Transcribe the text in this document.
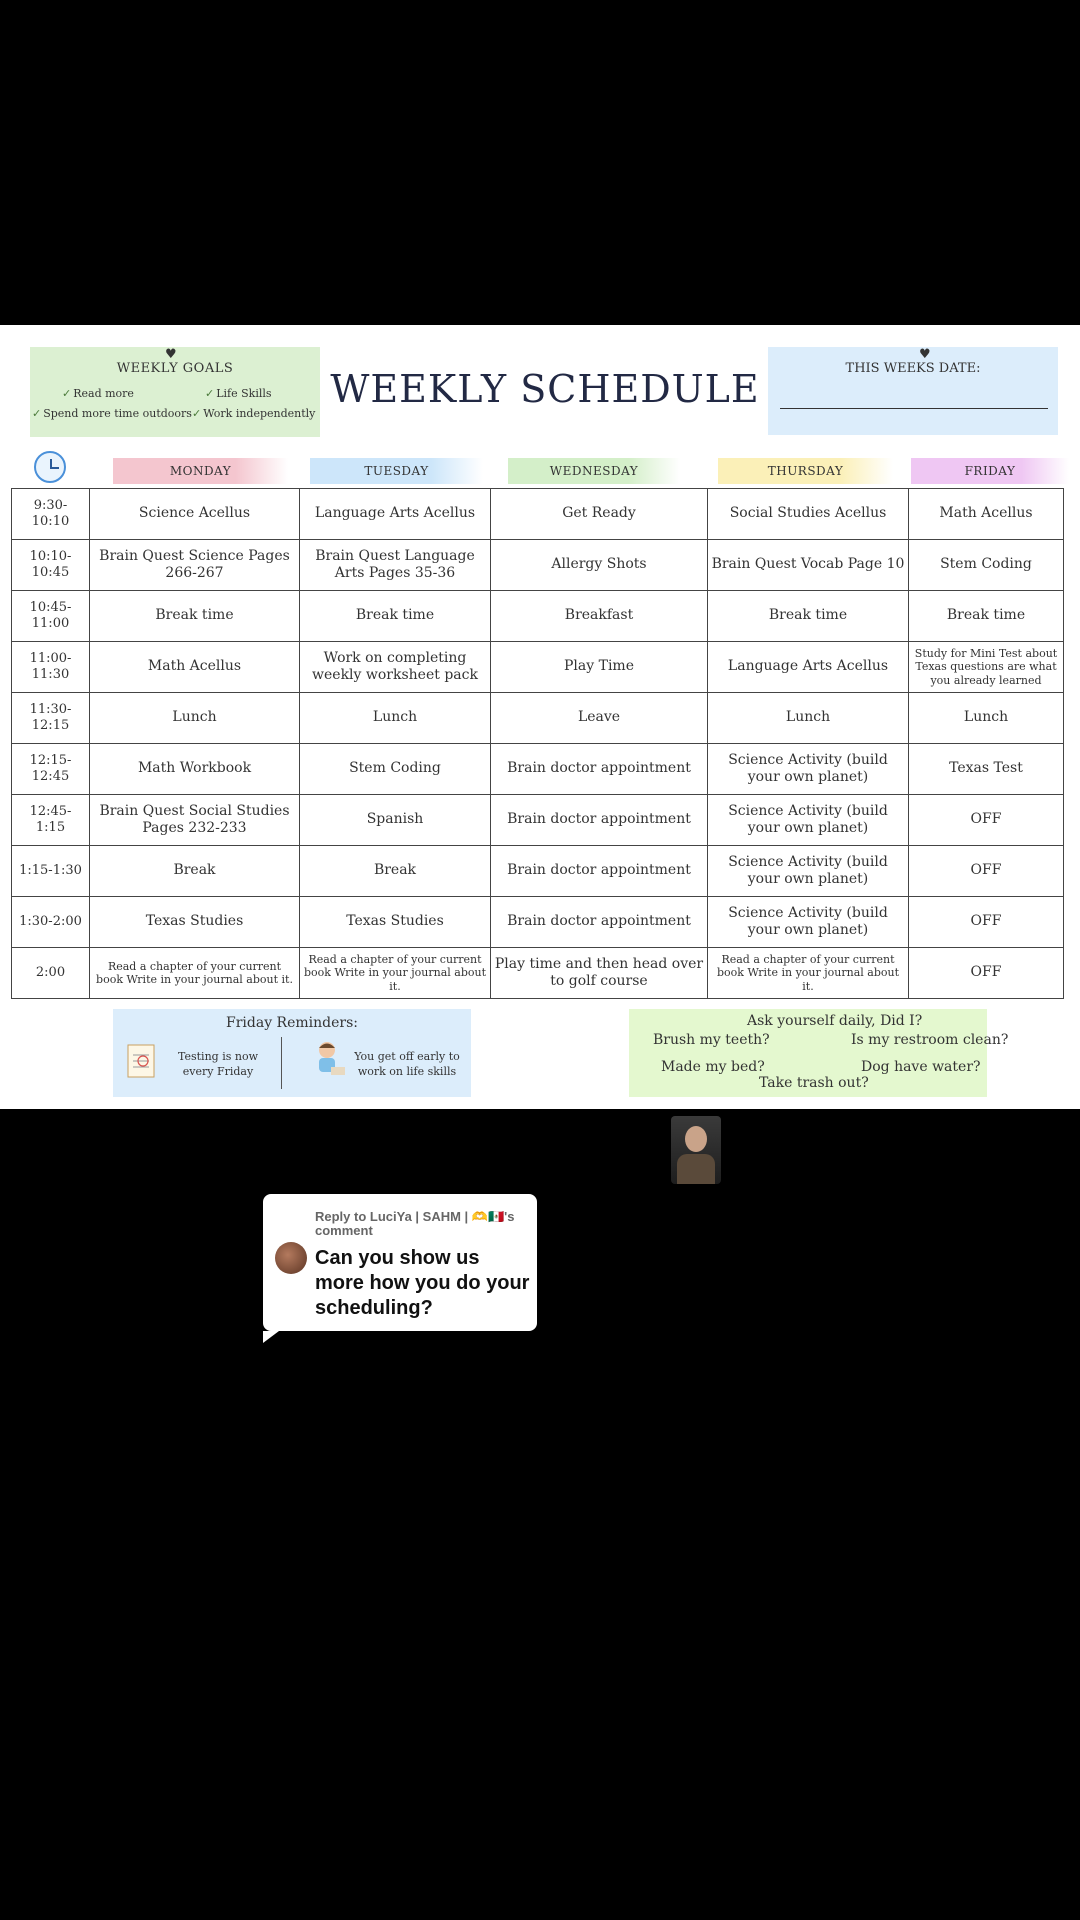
♥
WEEKLY GOALS
✓ Read more	✓ Life Skills
✓ Spend more time outdoors ✓ Work independently
WEEKLY SCHEDULE
♥
THIS WEEKS DATE:
MONDAY	TUESDAY	WEDNESDAY	THURSDAY	FRIDAY
9:30-10:10	Science Acellus	Language Arts Acellus	Get Ready	Social Studies Acellus	Math Acellus
10:10-10:45	Brain Quest Science Pages 266-267	Brain Quest Language Arts Pages 35-36	Allergy Shots	Brain Quest Vocab Page 10	Stem Coding
10:45-11:00	Break time	Break time	Breakfast	Break time	Break time
11:00-11:30	Math Acellus	Work on completing weekly worksheet pack	Play Time	Language Arts Acellus	Study for Mini Test about Texas questions are what you already learned
11:30-12:15	Lunch	Lunch	Leave	Lunch	Lunch
12:15-12:45	Math Workbook	Stem Coding	Brain doctor appointment	Science Activity (build your own planet)	Texas Test
12:45-1:15	Brain Quest Social Studies Pages 232-233	Spanish	Brain doctor appointment	Science Activity (build your own planet)	OFF
1:15-1:30	Break	Break	Brain doctor appointment	Science Activity (build your own planet)	OFF
1:30-2:00	Texas Studies	Texas Studies	Brain doctor appointment	Science Activity (build your own planet)	OFF
2:00	Read a chapter of your current book Write in your journal about it.	Read a chapter of your current book Write in your journal about it.	Play time and then head over to golf course	Read a chapter of your current book Write in your journal about it.	OFF
Friday Reminders:
Testing is now every Friday
You get off early to work on life skills
Ask yourself daily, Did I?
Brush my teeth?	Is my restroom clean?
Made my bed?	Dog have water?
Take trash out?
Reply to LuciYa | SAHM | 🫶🇲🇽's comment
Can you show us more how you do your scheduling?
